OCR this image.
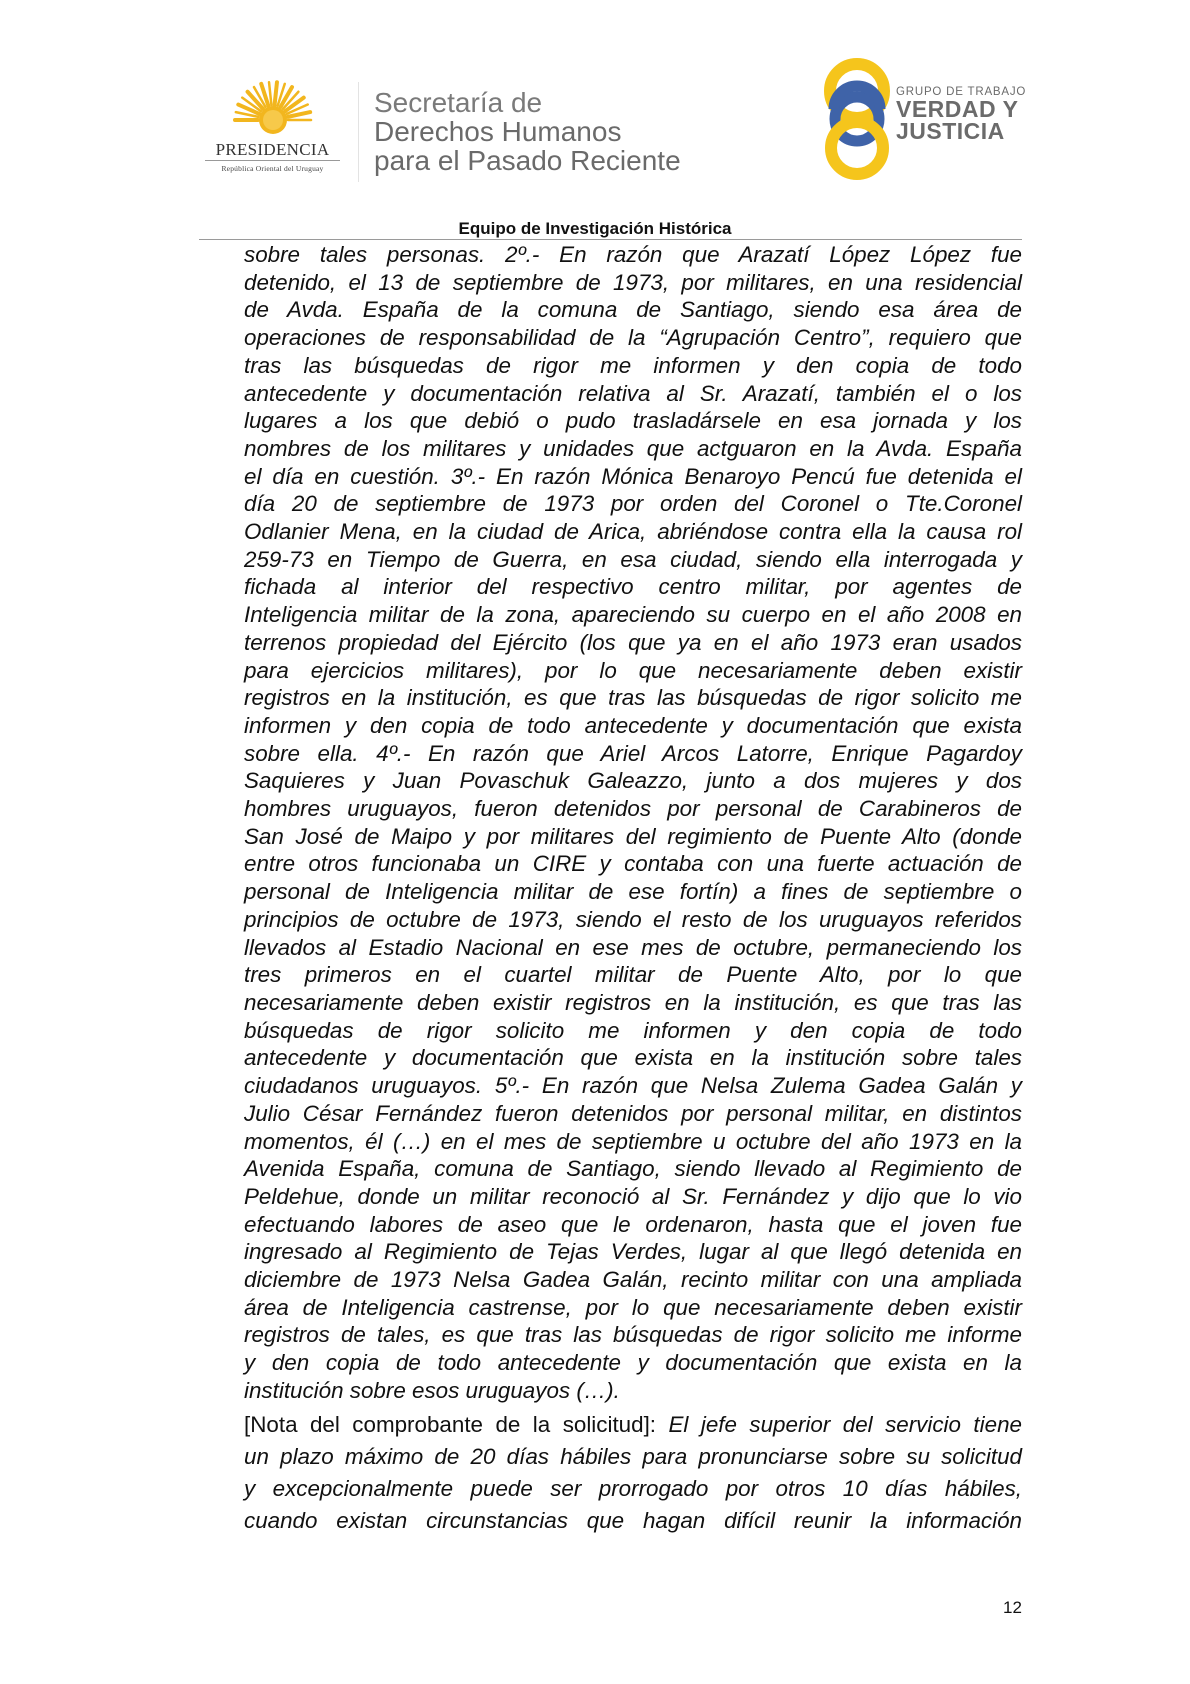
PRESIDENCIA
República Oriental del Uruguay
Secretaría de
Derechos Humanos
para el Pasado Reciente
GRUPO DE TRABAJO
VERDAD Y
JUSTICIA
Equipo de Investigación Histórica
sobre tales personas. 2º.- En razón que Arazatí López López fue
detenido, el 13 de septiembre de 1973, por militares, en una residencial
de Avda. España de la comuna de Santiago, siendo esa área de
operaciones de responsabilidad de la “Agrupación Centro”, requiero que
tras las búsquedas de rigor me informen y den copia de todo
antecedente y documentación relativa al Sr. Arazatí, también el o los
lugares a los que debió o pudo trasladársele en esa jornada y los
nombres de los militares y unidades que actguaron en la Avda. España
el día en cuestión. 3º.- En razón Mónica Benaroyo Pencú fue detenida el
día 20 de septiembre de 1973 por orden del Coronel o Tte.Coronel
Odlanier Mena, en la ciudad de Arica, abriéndose contra ella la causa rol
259-73 en Tiempo de Guerra, en esa ciudad, siendo ella interrogada y
fichada al interior del respectivo centro militar, por agentes de
Inteligencia militar de la zona, apareciendo su cuerpo en el año 2008 en
terrenos propiedad del Ejército (los que ya en el año 1973 eran usados
para ejercicios militares), por lo que necesariamente deben existir
registros en la institución, es que tras las búsquedas de rigor solicito me
informen y den copia de todo antecedente y documentación que exista
sobre ella. 4º.- En razón que Ariel Arcos Latorre, Enrique Pagardoy
Saquieres y Juan Povaschuk Galeazzo, junto a dos mujeres y dos
hombres uruguayos, fueron detenidos por personal de Carabineros de
San José de Maipo y por militares del regimiento de Puente Alto (donde
entre otros funcionaba un CIRE y contaba con una fuerte actuación de
personal de Inteligencia militar de ese fortín) a fines de septiembre o
principios de octubre de 1973, siendo el resto de los uruguayos referidos
llevados al Estadio Nacional en ese mes de octubre, permaneciendo los
tres primeros en el cuartel militar de Puente Alto, por lo que
necesariamente deben existir registros en la institución, es que tras las
búsquedas de rigor solicito me informen y den copia de todo
antecedente y documentación que exista en la institución sobre tales
ciudadanos uruguayos. 5º.- En razón que Nelsa Zulema Gadea Galán y
Julio César Fernández fueron detenidos por personal militar, en distintos
momentos, él (…) en el mes de septiembre u octubre del año 1973 en la
Avenida España, comuna de Santiago, siendo llevado al Regimiento de
Peldehue, donde un militar reconoció al Sr. Fernández y dijo que lo vio
efectuando labores de aseo que le ordenaron, hasta que el joven fue
ingresado al Regimiento de Tejas Verdes, lugar al que llegó detenida en
diciembre de 1973 Nelsa Gadea Galán, recinto militar con una ampliada
área de Inteligencia castrense, por lo que necesariamente deben existir
registros de tales, es que tras las búsquedas de rigor solicito me informe
y den copia de todo antecedente y documentación que exista en la
institución sobre esos uruguayos (…).
[Nota del comprobante de la solicitud]: El jefe superior del servicio tiene
un plazo máximo de 20 días hábiles para pronunciarse sobre su solicitud
y excepcionalmente puede ser prorrogado por otros 10 días hábiles,
cuando existan circunstancias que hagan difícil reunir la información
12
